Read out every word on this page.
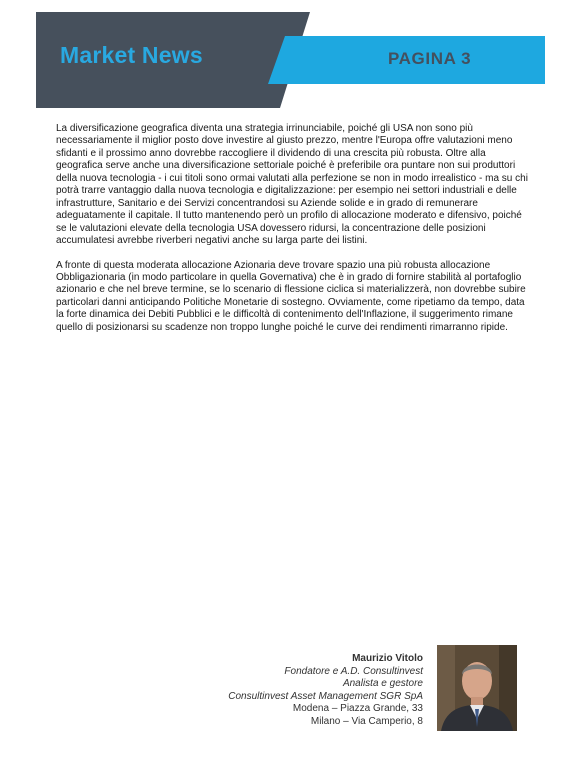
Market News	PAGINA 3

La diversificazione geografica diventa una strategia irrinunciabile, poiché gli USA non sono più necessariamente il miglior posto dove investire al giusto prezzo, mentre l'Europa offre valutazioni meno sfidanti e il prossimo anno dovrebbe raccogliere il dividendo di una crescita più robusta. Oltre alla geografica serve anche una diversificazione settoriale poiché è preferibile ora puntare non sui produttori della nuova tecnologia - i cui titoli sono ormai valutati alla perfezione se non in modo irrealistico - ma su chi potrà trarre vantaggio dalla nuova tecnologia e digitalizzazione: per esempio nei settori industriali e delle infrastrutture, Sanitario e dei Servizi concentrandosi su Aziende solide e in grado di remunerare adeguatamente il capitale. Il tutto mantenendo però un profilo di allocazione moderato e difensivo, poiché se le valutazioni elevate della tecnologia USA dovessero ridursi, la concentrazione delle posizioni accumulatesi avrebbe riverberi negativi anche su larga parte dei listini.

A fronte di questa moderata allocazione Azionaria deve trovare spazio una più robusta allocazione Obbligazionaria (in modo particolare in quella Governativa) che è in grado di fornire stabilità al portafoglio azionario e che nel breve termine, se lo scenario di flessione ciclica si materializzerà, non dovrebbe subire particolari danni anticipando Politiche Monetarie di sostegno. Ovviamente, come ripetiamo da tempo, data la forte dinamica dei Debiti Pubblici e le difficoltà di contenimento dell'Inflazione, il suggerimento rimane quello di posizionarsi su scadenze non troppo lunghe poiché le curve dei rendimenti rimarranno ripide.

Maurizio Vitolo
Fondatore e A.D. Consultinvest
Analista e gestore
Consultinvest Asset Management SGR SpA
Modena – Piazza Grande, 33
Milano – Via Camperio, 8
